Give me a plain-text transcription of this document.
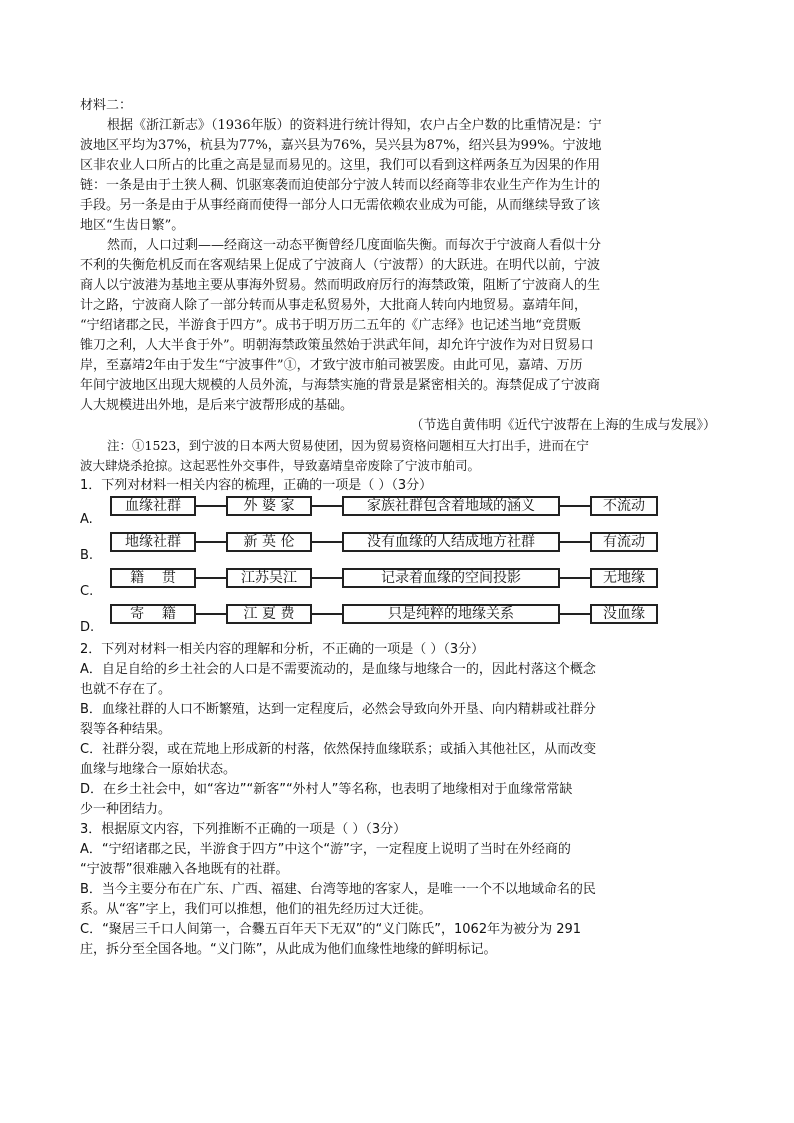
材料二：
根据《浙江新志》（1936年版）的资料进行统计得知，农户占全户数的比重情况是：宁
波地区平均为37%，杭县为77%，嘉兴县为76%，吴兴县为87%，绍兴县为99%。宁波地
区非农业人口所占的比重之高是显而易见的。这里，我们可以看到这样两条互为因果的作用
链：一条是由于土狭人稠、饥驱寒袭而迫使部分宁波人转而以经商等非农业生产作为生计的
手段。另一条是由于从事经商而使得一部分人口无需依赖农业成为可能，从而继续导致了该
地区“生齿日繁”。
然而，人口过剩——经商这一动态平衡曾经几度面临失衡。而每次于宁波商人看似十分
不利的失衡危机反而在客观结果上促成了宁波商人（宁波帮）的大跃进。在明代以前，宁波
商人以宁波港为基地主要从事海外贸易。然而明政府厉行的海禁政策，阻断了宁波商人的生
计之路，宁波商人除了一部分转而从事走私贸易外，大批商人转向内地贸易。嘉靖年间，
“宁绍诸郡之民，半游食于四方”。成书于明万历二五年的《广志绎》也记述当地“竞贯贩
锥刀之利，人大半食于外”。明朝海禁政策虽然始于洪武年间，却允许宁波作为对日贸易口
岸，至嘉靖2年由于发生“宁波事件”①，才致宁波市舶司被罢废。由此可见，嘉靖、万历
年间宁波地区出现大规模的人员外流，与海禁实施的背景是紧密相关的。海禁促成了宁波商
人大规模进出外地，是后来宁波帮形成的基础。
（节选自黄伟明《近代宁波帮在上海的生成与发展》）
注：①1523，到宁波的日本两大贸易使团，因为贸易资格问题相互大打出手，进而在宁
波大肆烧杀抢掠。这起恶性外交事件，导致嘉靖皇帝废除了宁波市舶司。
1．下列对材料一相关内容的梳理，正确的一项是（ ）（3分）
A.
血缘社群	外 婆 家	家族社群包含着地域的涵义	不流动
B.
地缘社群	新 英 伦	没有血缘的人结成地方社群	有流动
C.
籍    贯	江苏吴江	记录着血缘的空间投影	无地缘
D.
寄    籍	江 夏 费	只是纯粹的地缘关系	没血缘
2．下列对材料一相关内容的理解和分析，不正确的一项是（ ）（3分）
A．自足自给的乡土社会的人口是不需要流动的，是血缘与地缘合一的，因此村落这个概念
也就不存在了。
B．血缘社群的人口不断繁殖，达到一定程度后，必然会导致向外开垦、向内精耕或社群分
裂等各种结果。
C．社群分裂，或在荒地上形成新的村落，依然保持血缘联系；或插入其他社区，从而改变
血缘与地缘合一原始状态。
D．在乡土社会中，如“客边”“新客”“外村人”等名称，也表明了地缘相对于血缘常常缺
少一种团结力。
3．根据原文内容，下列推断不正确的一项是（ ）（3分）
A．“宁绍诸郡之民，半游食于四方”中这个“游”字，一定程度上说明了当时在外经商的
“宁波帮”很难融入各地既有的社群。
B．当今主要分布在广东、广西、福建、台湾等地的客家人，是唯一一个不以地域命名的民
系。从“客”字上，我们可以推想，他们的祖先经历过大迁徙。
C．“聚居三千口人间第一，合爨五百年天下无双”的“义门陈氏”，1062年为被分为 291
庄，拆分至全国各地。“义门陈”，从此成为他们血缘性地缘的鲜明标记。
